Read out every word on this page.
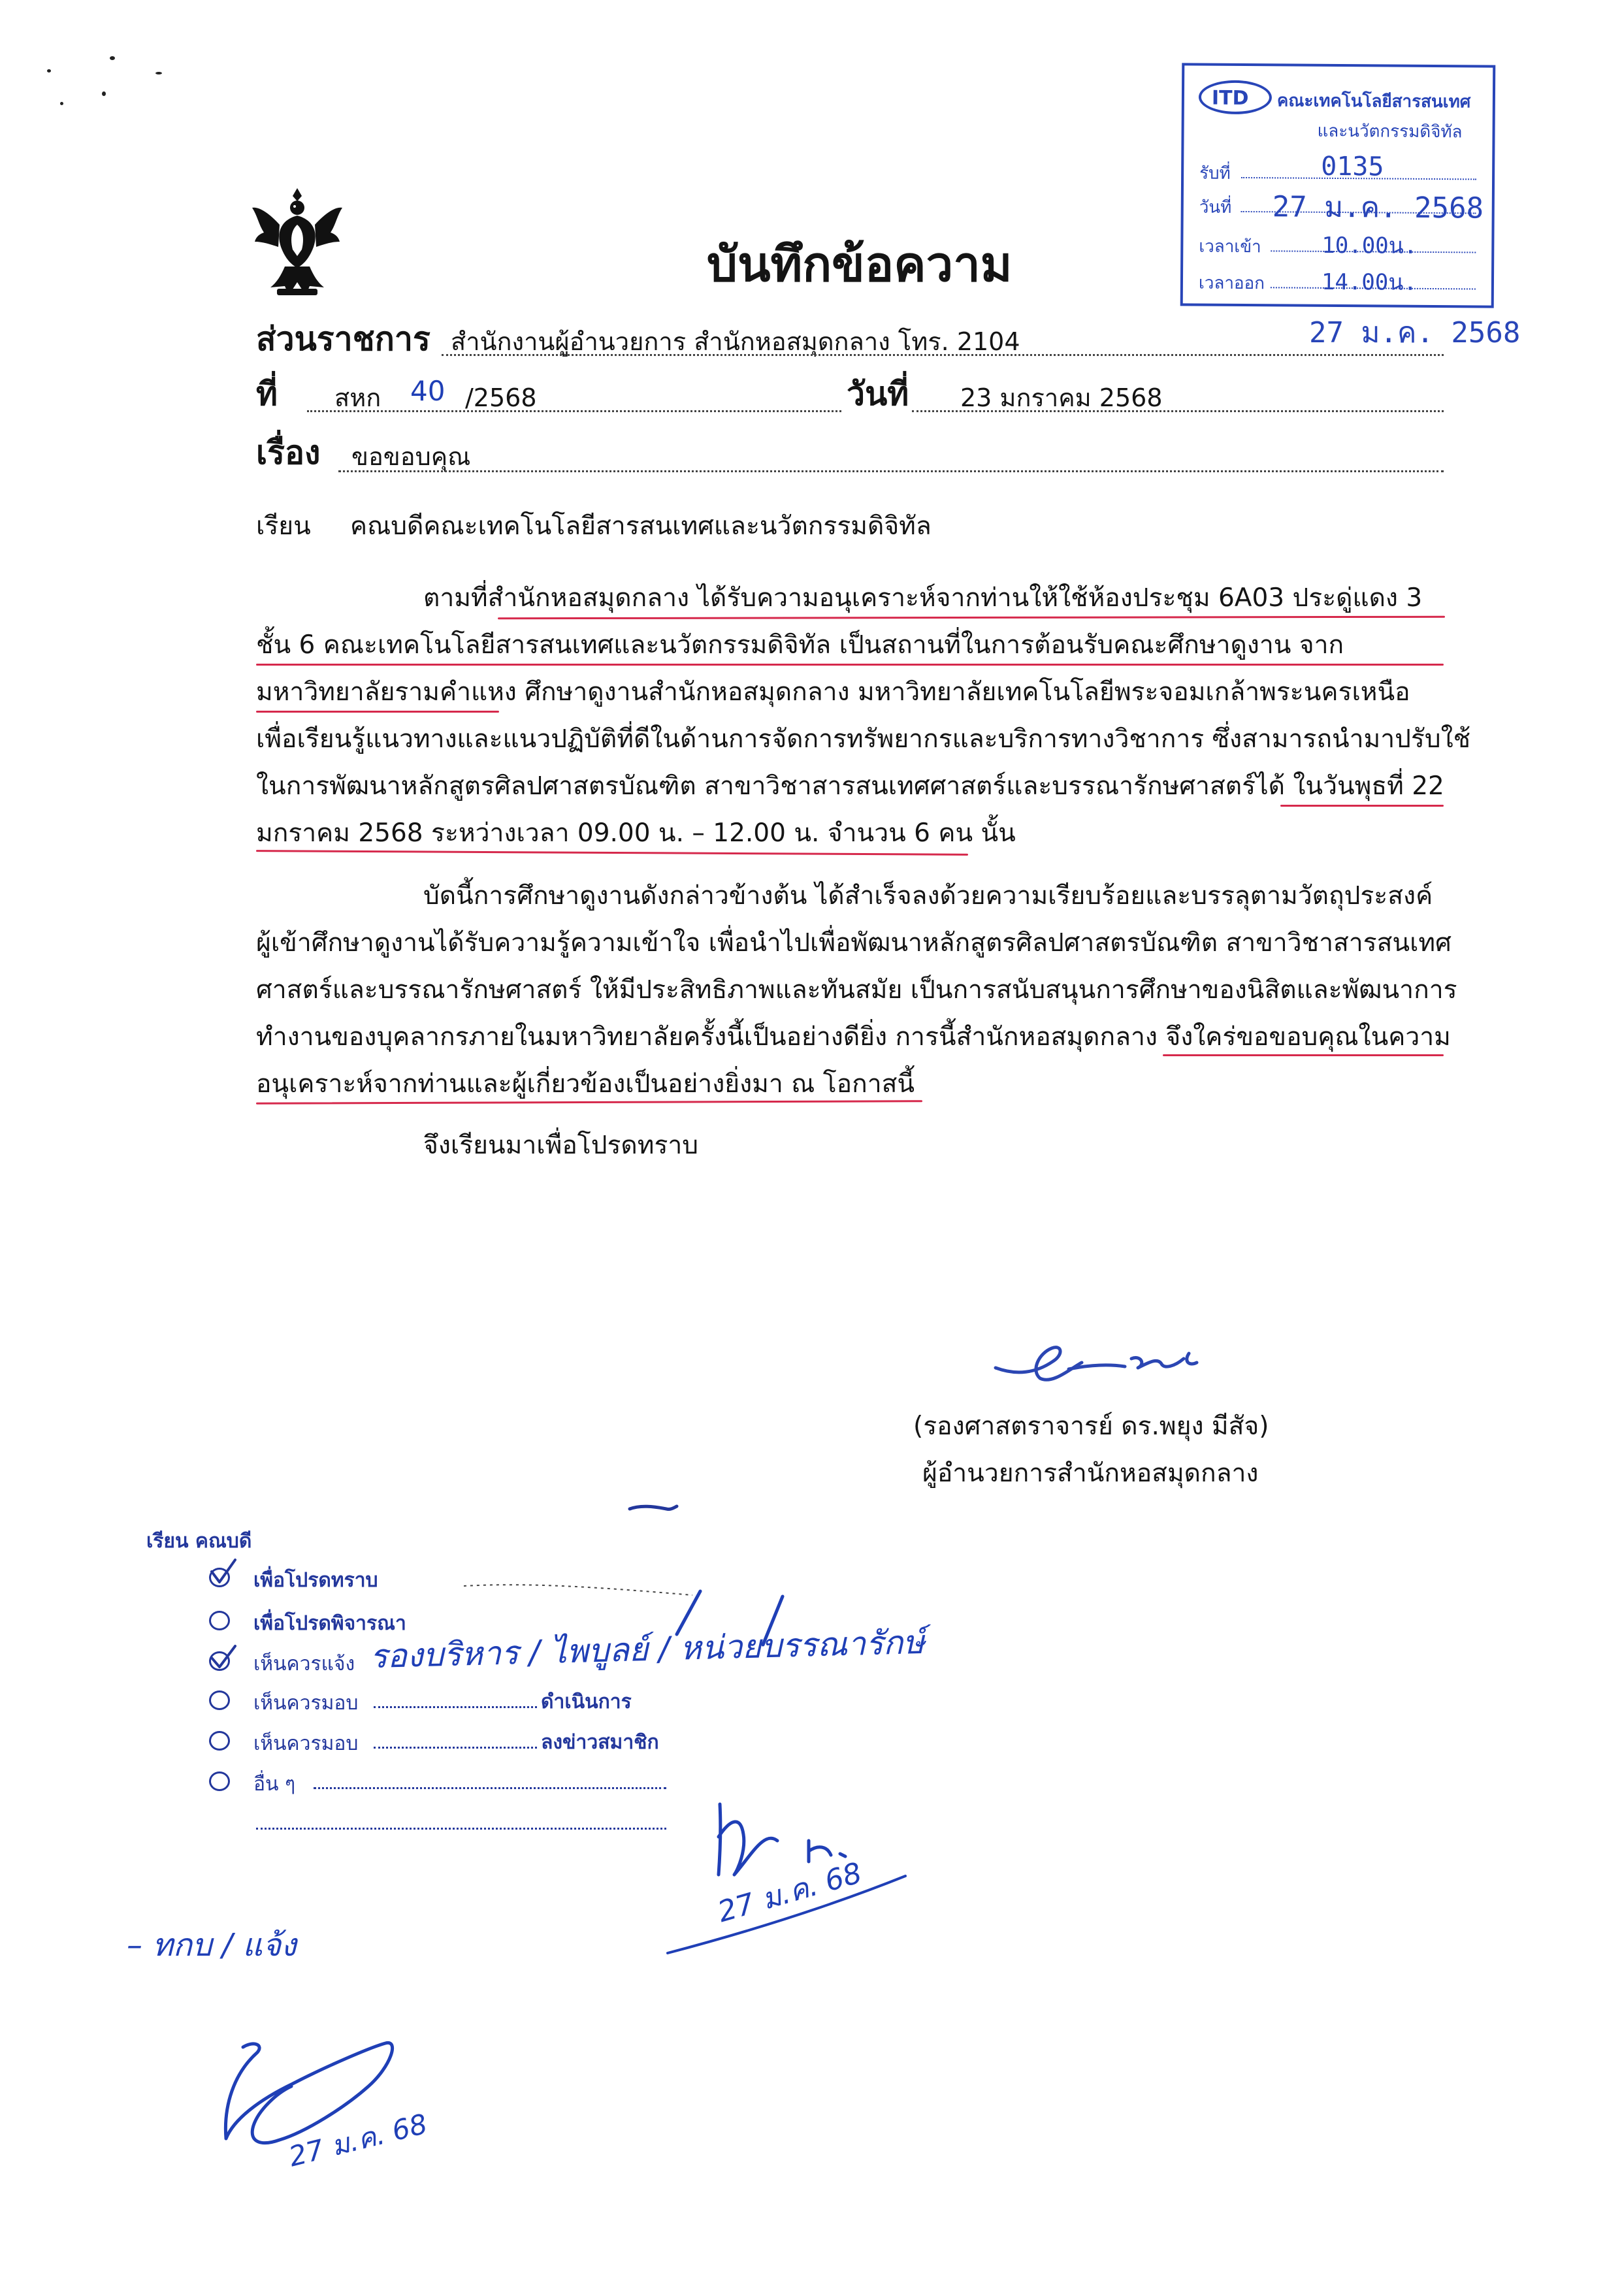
บันทึกข้อความ
ITD คณะเทคโนโลยีสารสนเทศ
และนวัตกรรมดิจิทัล
รับที่	0135
วันที่ 27 ม.ค. 2568
เวลาเข้า	10.00น.
เวลาออก	14.00น.
27 ม.ค. 2568
ส่วนราชการ สำนักงานผู้อำนวยการ สำนักหอสมุดกลาง โทร. 2104
ที่ สหก 40 /2568	วันที่ 23 มกราคม 2568
เรื่อง ขอขอบคุณ
เรียน คณบดีคณะเทคโนโลยีสารสนเทศและนวัตกรรมดิจิทัล
ตามที่สำนักหอสมุดกลาง ได้รับความอนุเคราะห์จากท่านให้ใช้ห้องประชุม 6A03 ประดู่แดง 3
ชั้น 6 คณะเทคโนโลยีสารสนเทศและนวัตกรรมดิจิทัล เป็นสถานที่ในการต้อนรับคณะศึกษาดูงาน จาก
มหาวิทยาลัยรามคำแหง ศึกษาดูงานสำนักหอสมุดกลาง มหาวิทยาลัยเทคโนโลยีพระจอมเกล้าพระนครเหนือ
เพื่อเรียนรู้แนวทางและแนวปฏิบัติที่ดีในด้านการจัดการทรัพยากรและบริการทางวิชาการ ซึ่งสามารถนำมาปรับใช้
ในการพัฒนาหลักสูตรศิลปศาสตรบัณฑิต สาขาวิชาสารสนเทศศาสตร์และบรรณารักษศาสตร์ได้ ในวันพุธที่ 22
มกราคม 2568 ระหว่างเวลา 09.00 น. – 12.00 น. จำนวน 6 คน นั้น
บัดนี้การศึกษาดูงานดังกล่าวข้างต้น ได้สำเร็จลงด้วยความเรียบร้อยและบรรลุตามวัตถุประสงค์
ผู้เข้าศึกษาดูงานได้รับความรู้ความเข้าใจ เพื่อนำไปเพื่อพัฒนาหลักสูตรศิลปศาสตรบัณฑิต สาขาวิชาสารสนเทศ
ศาสตร์และบรรณารักษศาสตร์ ให้มีประสิทธิภาพและทันสมัย เป็นการสนับสนุนการศึกษาของนิสิตและพัฒนาการ
ทำงานของบุคลากรภายในมหาวิทยาลัยครั้งนี้เป็นอย่างดียิ่ง การนี้สำนักหอสมุดกลาง จึงใคร่ขอขอบคุณในความ
อนุเคราะห์จากท่านและผู้เกี่ยวข้องเป็นอย่างยิ่งมา ณ โอกาสนี้
จึงเรียนมาเพื่อโปรดทราบ
(รองศาสตราจารย์ ดร.พยุง มีสัจ)
ผู้อำนวยการสำนักหอสมุดกลาง
เรียน คณบดี
เพื่อโปรดทราบ
เพื่อโปรดพิจารณา
เห็นควรแจ้ง
เห็นควรมอบ	ดำเนินการ
เห็นควรมอบ	ลงข่าวสมาชิก
อื่น ๆ
รองบริหาร / ไพบูลย์ / หน่วยบรรณารักษ์
27 ม.ค. 68
– ทกบ / แจ้ง
27 ม.ค. 68
